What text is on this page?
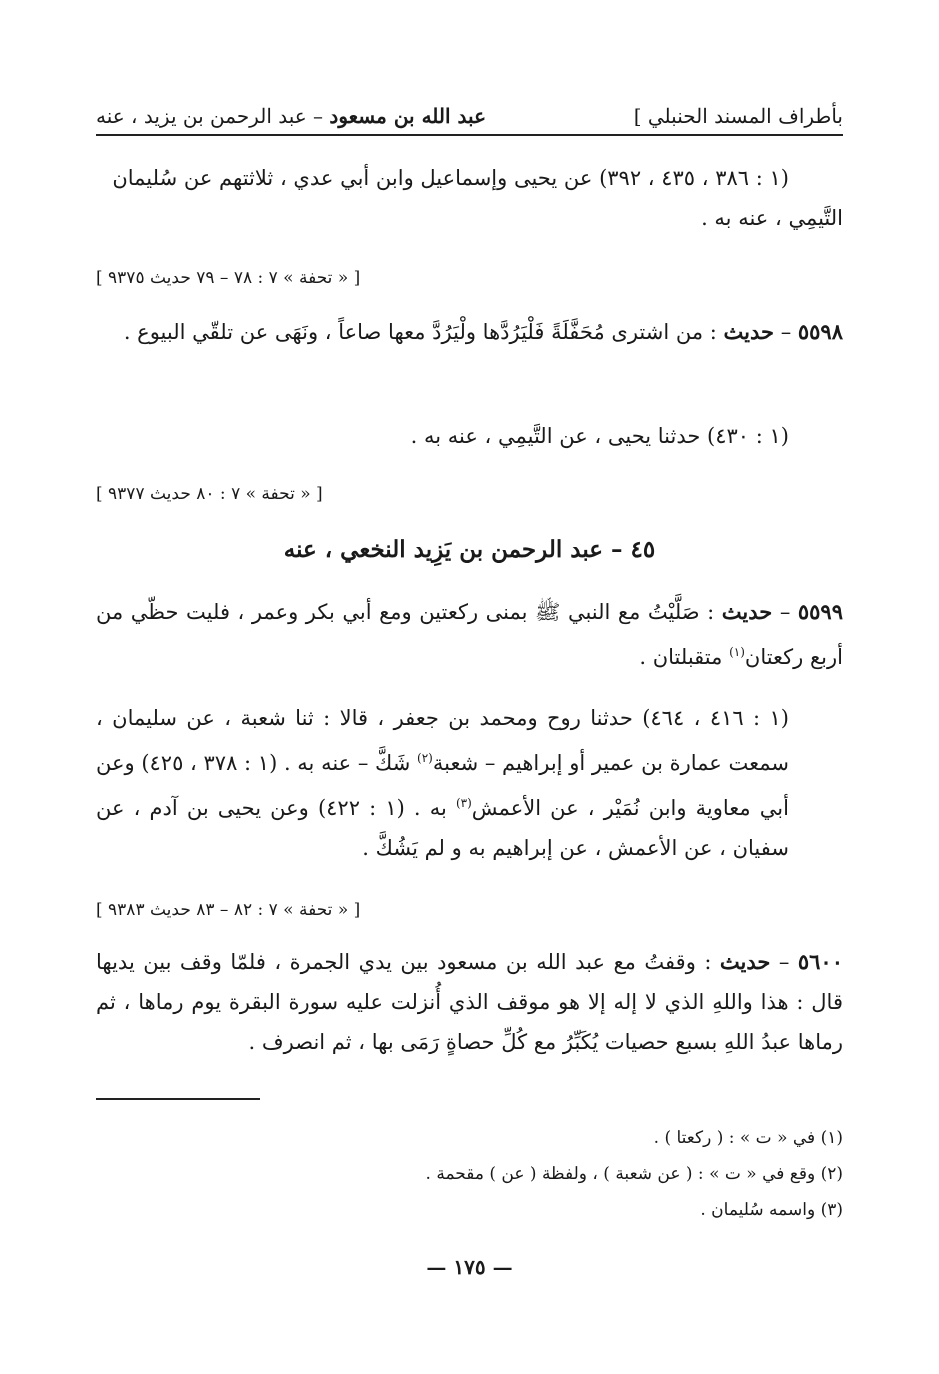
بأطراف المسند الحنبلي ]
عبد الله بن مسعود – عبد الرحمن بن يزيد ، عنه

(١ : ٣٨٦ ، ٤٣٥ ، ٣٩٢) عن يحيى وإسماعيل وابن أبي عدي ، ثلاثتهم عن سُليمان

التَّيمِي ، عنه به .

[ « تحفة » ٧ : ٧٨ – ٧٩ حديث ٩٣٧٥ ]

٥٥٩٨ – حديث : من اشترى مُحَفَّلَةً فَلْيَرُدَّها ولْيَرُدَّ معها صاعاً ، ونَهَى عن تلقّي البيوع .

(١ : ٤٣٠) حدثنا يحيى ، عن التَّيمِي ، عنه به .

[ « تحفة » ٧ : ٨٠ حديث ٩٣٧٧ ]
٤٥ – عبد الرحمن بن يَزِيد النخعي ، عنه

٥٥٩٩ – حديث : صَلَّيْتُ مع النبي ﷺ بمنى ركعتين ومع أبي بكر وعمر ، فليت حظّي من أربع ركعتان$^{(١)}$ متقبلتان .

(١ : ٤١٦ ، ٤٦٤) حدثنا روح ومحمد بن جعفر ، قالا : ثنا شعبة ، عن سليمان ، سمعت عمارة بن عمير أو إبراهيم – شعبة$^{(٢)}$ شَكَّ – عنه به . (١ : ٣٧٨ ، ٤٢٥) وعن أبي معاوية وابن نُمَيْر ، عن الأعمش$^{(٣)}$ به . (١ : ٤٢٢) وعن يحيى بن آدم ، عن سفيان ، عن الأعمش ، عن إبراهيم به و لم يَشُكَّ .

[ « تحفة » ٧ : ٨٢ – ٨٣ حديث ٩٣٨٣ ]

٥٦٠٠ – حديث : وقفتُ مع عبد الله بن مسعود بين يدي الجمرة ، فلمّا وقف بين يديها قال : هذا واللهِ الذي لا إله إلا هو موقف الذي أُنزلت عليه سورة البقرة يوم رماها ، ثم رماها عبدُ اللهِ بسبع حصيات يُكَبِّرُ مع كُلِّ حصاةٍ رَمَى بها ، ثم انصرف .

(١) في « ت » : ( ركعتا ) .
(٢) وقع في « ت » : ( عن شعبة ) ، ولفظة ( عن ) مقحمة .
(٣) واسمه سُليمان .
— ١٧٥ —
